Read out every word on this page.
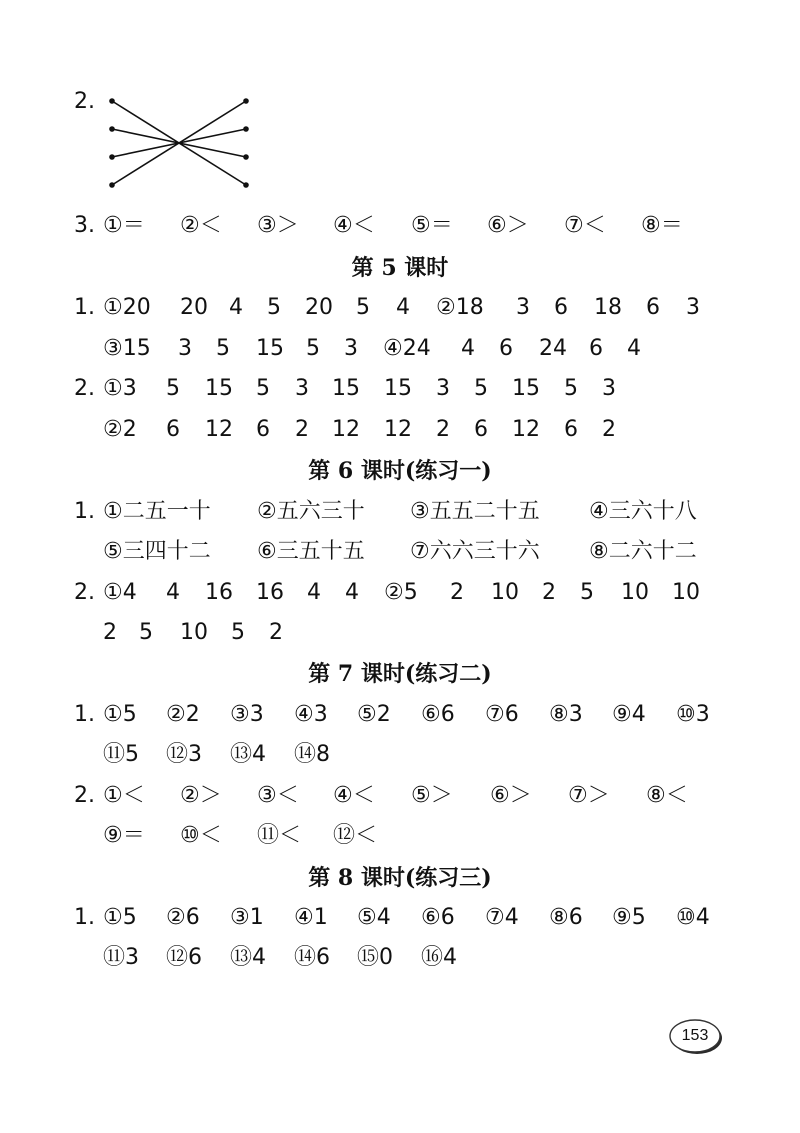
2.
3. ①＝ ②＜ ③＞ ④＜ ⑤＝ ⑥＞ ⑦＜ ⑧＝
第 5 课时
1. ①20 20 4 5 20 5 4 ②18 3 6 18 6 3
③15 3 5 15 5 3 ④24 4 6 24 6 4
2. ①3 5 15 5 3 15 15 3 5 15 5 3
②2 6 12 6 2 12 12 2 6 12 6 2
第 6 课时(练习一)
1. ①二五一十 ②五六三十 ③五五二十五 ④三六十八
⑤三四十二 ⑥三五十五 ⑦六六三十六 ⑧二六十二
2. ①4 4 16 16 4 4 ②5 2 10 2 5 10 10
2 5 10 5 2
第 7 课时(练习二)
1. ①5 ②2 ③3 ④3 ⑤2 ⑥6 ⑦6 ⑧3 ⑨4 ⑩3
⑪5 ⑫3 ⑬4 ⑭8
2. ①＜ ②＞ ③＜ ④＜ ⑤＞ ⑥＞ ⑦＞ ⑧＜
⑨＝ ⑩＜ ⑪＜ ⑫＜
第 8 课时(练习三)
1. ①5 ②6 ③1 ④1 ⑤4 ⑥6 ⑦4 ⑧6 ⑨5 ⑩4
⑪3 ⑫6 ⑬4 ⑭6 ⑮0 ⑯4
153
